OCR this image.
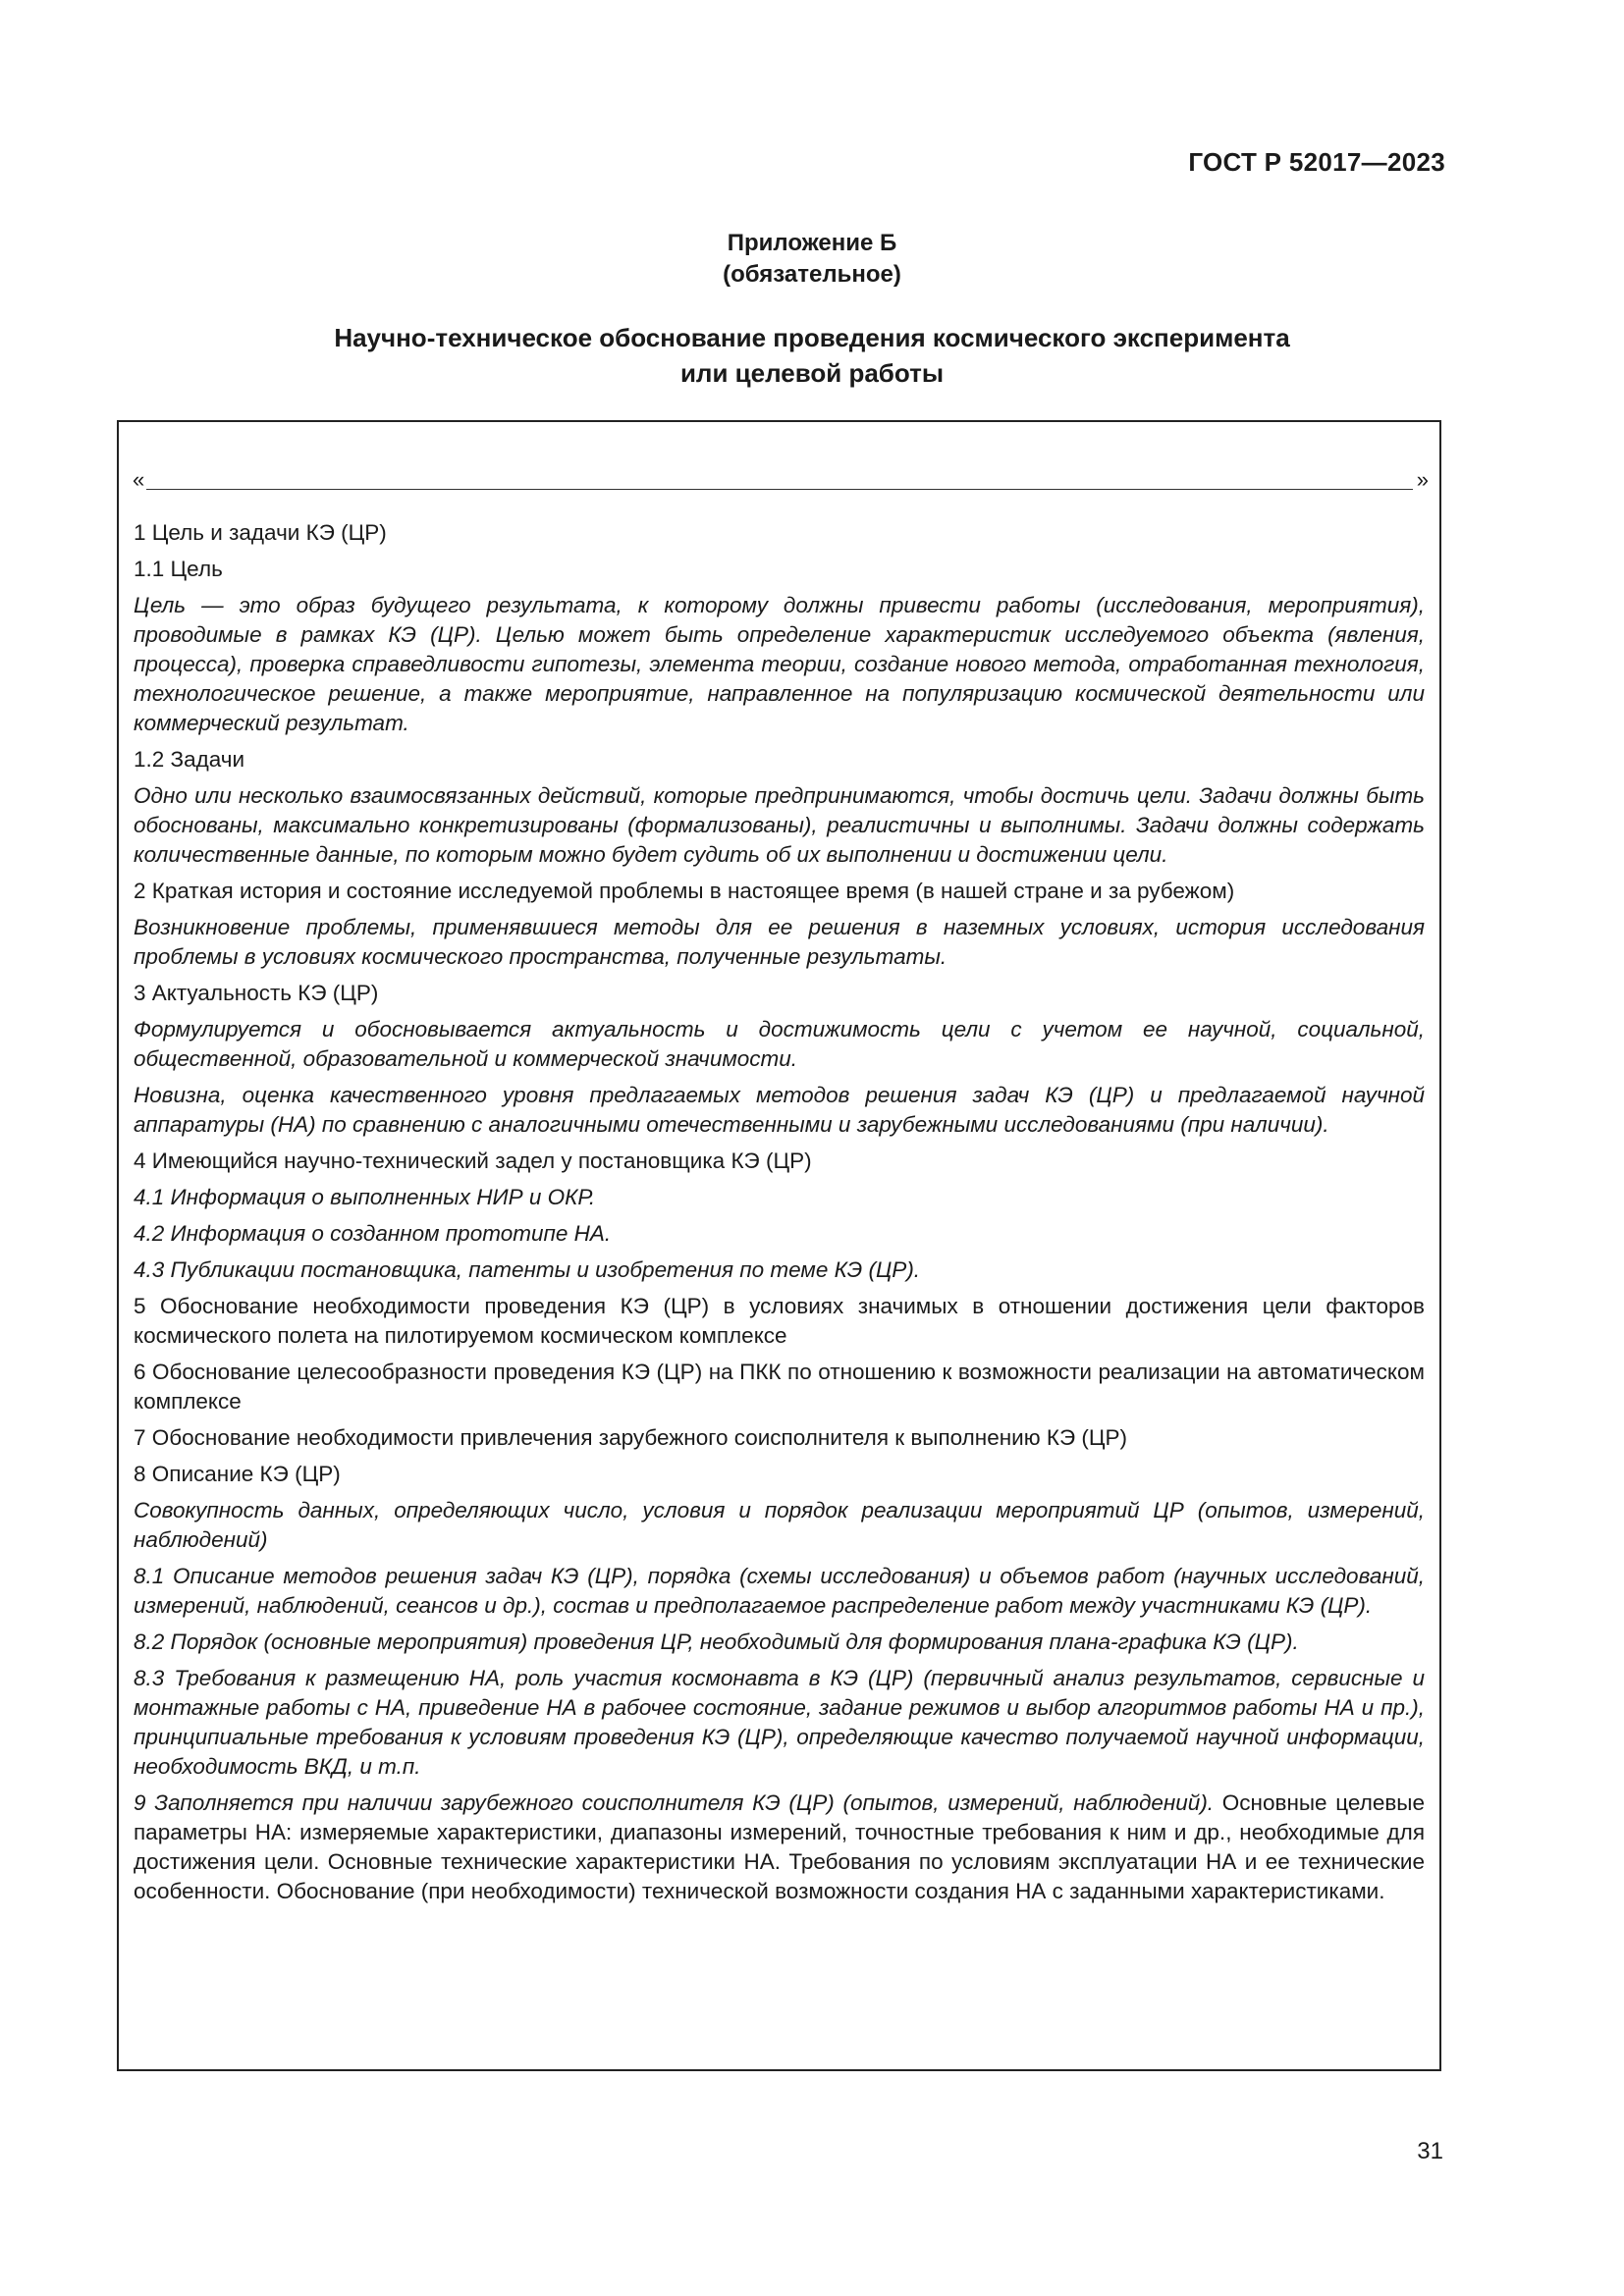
ГОСТ Р 52017—2023
Приложение Б
(обязательное)
Научно-техническое обоснование проведения космического эксперимента
или целевой работы
«	»

1 Цель и задачи КЭ (ЦР)

1.1 Цель

Цель — это образ будущего результата, к которому должны привести работы (исследования, мероприятия), проводимые в рамках КЭ (ЦР). Целью может быть определение характеристик исследуемого объекта (явления, процесса), проверка справедливости гипотезы, элемента теории, создание нового метода, отработанная технология, технологическое решение, а также мероприятие, направленное на популяризацию космической деятельности или коммерческий результат.

1.2 Задачи

Одно или несколько взаимосвязанных действий, которые предпринимаются, чтобы достичь цели. Задачи должны быть обоснованы, максимально конкретизированы (формализованы), реалистичны и выполнимы. Задачи должны содержать количественные данные, по которым можно будет судить об их выполнении и достижении цели.

2 Краткая история и состояние исследуемой проблемы в настоящее время (в нашей стране и за рубежом)

Возникновение проблемы, применявшиеся методы для ее решения в наземных условиях, история исследования проблемы в условиях космического пространства, полученные результаты.

3 Актуальность КЭ (ЦР)

Формулируется и обосновывается актуальность и достижимость цели с учетом ее научной, социальной, общественной, образовательной и коммерческой значимости.

Новизна, оценка качественного уровня предлагаемых методов решения задач КЭ (ЦР) и предлагаемой научной аппаратуры (НА) по сравнению с аналогичными отечественными и зарубежными исследованиями (при наличии).

4 Имеющийся научно-технический задел у постановщика КЭ (ЦР)

4.1 Информация о выполненных НИР и ОКР.

4.2 Информация о созданном прототипе НА.

4.3 Публикации постановщика, патенты и изобретения по теме КЭ (ЦР).

5 Обоснование необходимости проведения КЭ (ЦР) в условиях значимых в отношении достижения цели факторов космического полета на пилотируемом космическом комплексе

6 Обоснование целесообразности проведения КЭ (ЦР) на ПКК по отношению к возможности реализации на автоматическом комплексе

7 Обоснование необходимости привлечения зарубежного соисполнителя к выполнению КЭ (ЦР)

8 Описание КЭ (ЦР)

Совокупность данных, определяющих число, условия и порядок реализации мероприятий ЦР (опытов, измерений, наблюдений)

8.1 Описание методов решения задач КЭ (ЦР), порядка (схемы исследования) и объемов работ (научных исследований, измерений, наблюдений, сеансов и др.), состав и предполагаемое распределение работ между участниками КЭ (ЦР).

8.2 Порядок (основные мероприятия) проведения ЦР, необходимый для формирования плана-графика КЭ (ЦР).

8.3 Требования к размещению НА, роль участия космонавта в КЭ (ЦР) (первичный анализ результатов, сервисные и монтажные работы с НА, приведение НА в рабочее состояние, задание режимов и выбор алгоритмов работы НА и пр.), принципиальные требования к условиям проведения КЭ (ЦР), определяющие качество получаемой научной информации, необходимость ВКД, и т.п.

9 Заполняется при наличии зарубежного соисполнителя КЭ (ЦР) (опытов, измерений, наблюдений). Основные целевые параметры НА: измеряемые характеристики, диапазоны измерений, точностные требования к ним и др., необходимые для достижения цели. Основные технические характеристики НА. Требования по условиям эксплуатации НА и ее технические особенности. Обоснование (при необходимости) технической возможности создания НА с заданными характеристиками.

31
